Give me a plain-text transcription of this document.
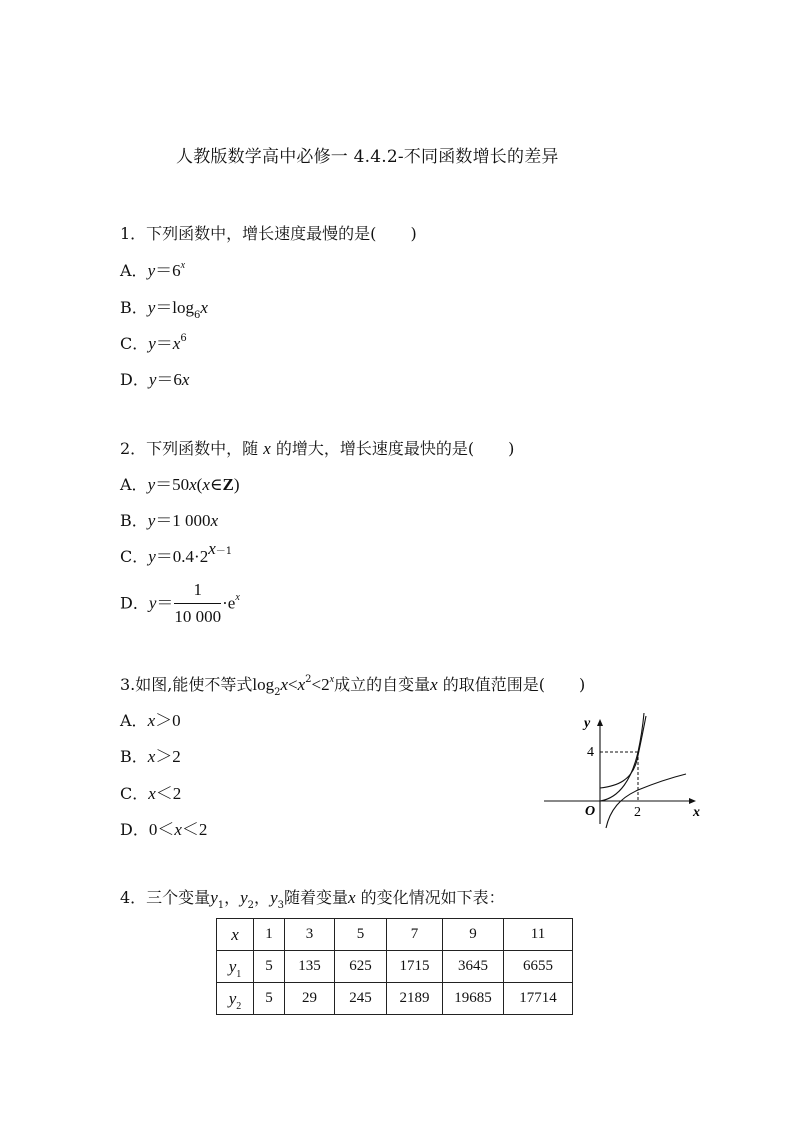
人教版数学高中必修一 4.4.2-不同函数增长的差异
1．下列函数中，增长速度最慢的是( )
A．$y=6^x$
B．$y=\log_6x$
C．$y=x^6$
D．y＝6x
2．下列函数中，随 x 的增大，增长速度最快的是( )
A．y＝50x(x∈Z)
B．y＝1 000x
C．$y=0.4\cdot 2^{x-1}$
D．$y= \frac{1}{10 000} \cdot e^x$
3.如图,能使不等式$\log_2x<x^2<2^x$成立的自变量x 的取值范围是( )
A．x＞0
B．x＞2
C．x＜2
D．0＜x＜2
y
x
O
4
2
4．三个变量$y_1$，$y_2$，$y_3$随着变量x 的变化情况如下表：
x	1	3	5	7	9	11
$y_1$	5	135	625	1715	3645	6655
$y_2$	5	29	245	2189	19685	17714
